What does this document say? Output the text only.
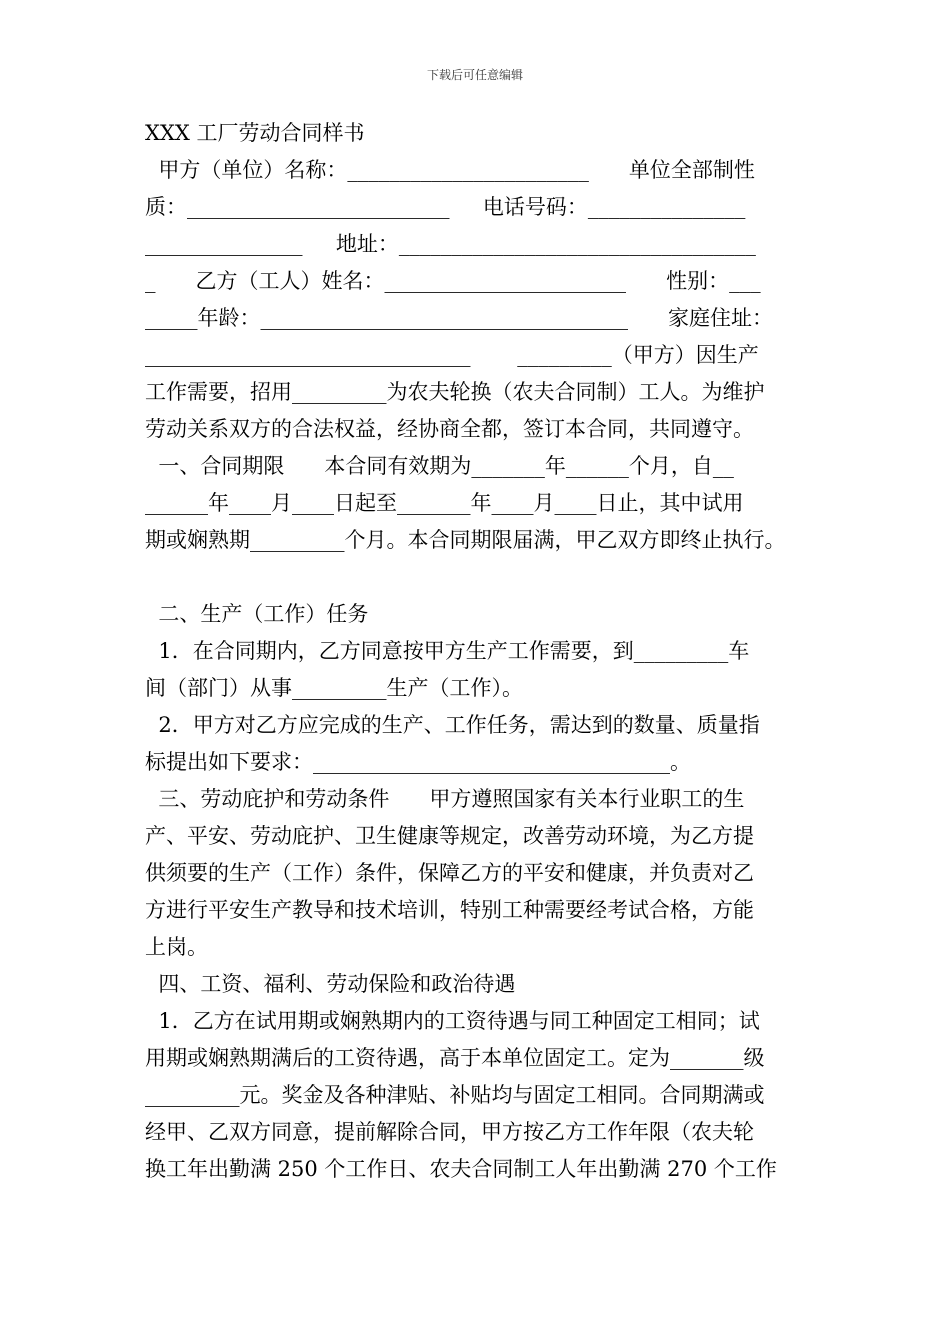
下载后可任意编辑
XXX 工厂劳动合同样书
甲方（单位）名称：_______________________      单位全部制性
质：_________________________     电话号码：_______________
_______________     地址：__________________________________
_      乙方（工人）姓名：_______________________      性别：___
_____年龄：___________________________________      家庭住址：
_______________________________       _________（甲方）因生产
工作需要，招用_________为农夫轮换（农夫合同制）工人。为维护
劳动关系双方的合法权益，经协商全都，签订本合同，共同遵守。
一、合同期限      本合同有效期为_______年______个月，自__
______年____月____日起至_______年____月____日止，其中试用
期或娴熟期_________个月。本合同期限届满，甲乙双方即终止执行。
二、生产（工作）任务
1．在合同期内，乙方同意按甲方生产工作需要，到_________车
间（部门）从事_________生产（工作）。
2．甲方对乙方应完成的生产、工作任务，需达到的数量、质量指
标提出如下要求：__________________________________。
三、劳动庇护和劳动条件      甲方遵照国家有关本行业职工的生
产、平安、劳动庇护、卫生健康等规定，改善劳动环境，为乙方提
供须要的生产（工作）条件，保障乙方的平安和健康，并负责对乙
方进行平安生产教导和技术培训，特别工种需要经考试合格，方能
上岗。
四、工资、福利、劳动保险和政治待遇
1．乙方在试用期或娴熟期内的工资待遇与同工种固定工相同；试
用期或娴熟期满后的工资待遇，高于本单位固定工。定为_______级
_________元。奖金及各种津贴、补贴均与固定工相同。合同期满或
经甲、乙双方同意，提前解除合同，甲方按乙方工作年限（农夫轮
换工年出勤满 250 个工作日、农夫合同制工人年出勤满 270 个工作
